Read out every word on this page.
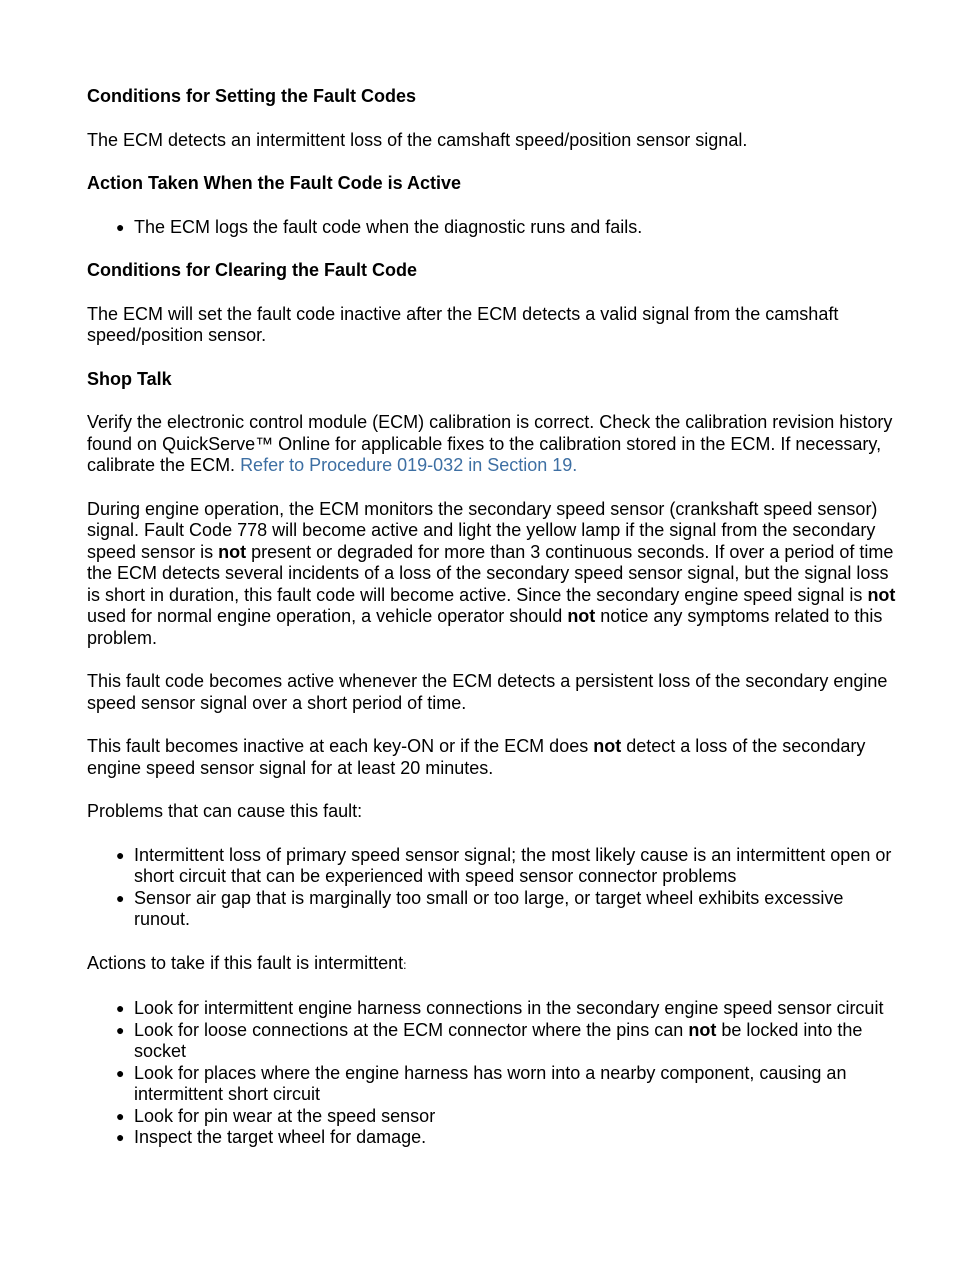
Conditions for Setting the Fault Codes

The ECM detects an intermittent loss of the camshaft speed/position sensor signal.

Action Taken When the Fault Code is Active
● The ECM logs the fault code when the diagnostic runs and fails.
Conditions for Clearing the Fault Code

The ECM will set the fault code inactive after the ECM detects a valid signal from the camshaft speed/position sensor.

Shop Talk

Verify the electronic control module (ECM) calibration is correct. Check the calibration revision history found on QuickServe™ Online for applicable fixes to the calibration stored in the ECM. If necessary, calibrate the ECM. Refer to Procedure 019-032 in Section 19.

During engine operation, the ECM monitors the secondary speed sensor (crankshaft speed sensor) signal. Fault Code 778 will become active and light the yellow lamp if the signal from the secondary speed sensor is not present or degraded for more than 3 continuous seconds. If over a period of time the ECM detects several incidents of a loss of the secondary speed sensor signal, but the signal loss is short in duration, this fault code will become active. Since the secondary engine speed signal is not used for normal engine operation, a vehicle operator should not notice any symptoms related to this problem.

This fault code becomes active whenever the ECM detects a persistent loss of the secondary engine speed sensor signal over a short period of time.

This fault becomes inactive at each key-ON or if the ECM does not detect a loss of the secondary engine speed sensor signal for at least 20 minutes.

Problems that can cause this fault:

● Intermittent loss of primary speed sensor signal; the most likely cause is an intermittent open or short circuit that can be experienced with speed sensor connector problems
● Sensor air gap that is marginally too small or too large, or target wheel exhibits excessive runout.

Actions to take if this fault is intermittent:

● Look for intermittent engine harness connections in the secondary engine speed sensor circuit
● Look for loose connections at the ECM connector where the pins can not be locked into the socket
● Look for places where the engine harness has worn into a nearby component, causing an intermittent short circuit
● Look for pin wear at the speed sensor
● Inspect the target wheel for damage.
